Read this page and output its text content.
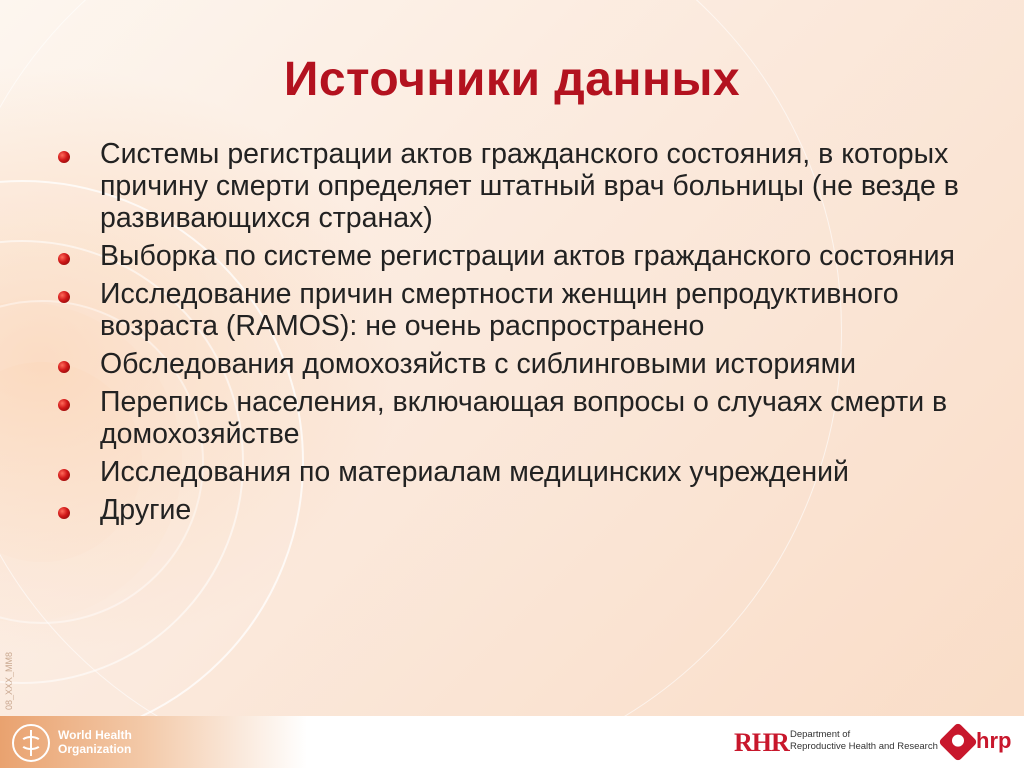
Источники данных
Системы регистрации актов гражданского состояния, в которых причину смерти определяет штатный врач больницы (не везде в развивающихся странах)
Выборка по системе регистрации актов гражданского состояния
Исследование причин смертности женщин репродуктивного возраста (RAMOS): не очень распространено
Обследования домохозяйств с сиблинговыми историями
Перепись населения, включающая вопросы о случаях смерти в домохозяйстве
Исследования по материалам медицинских учреждений
Другие
08_XXX_MM8
World Health
Organization	RHR Department of
Reproductive Health and Research hrp
